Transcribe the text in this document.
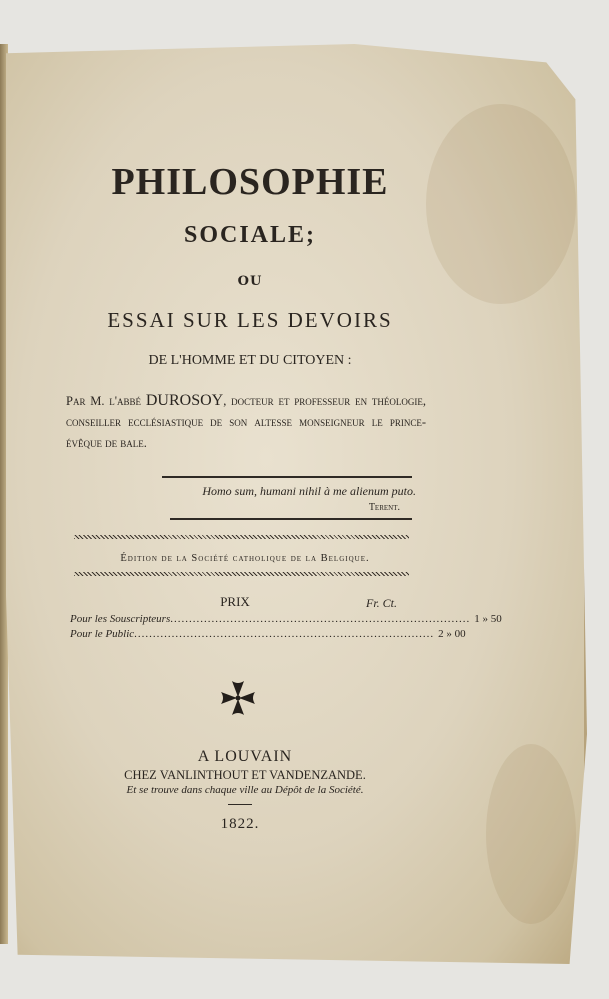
PHILOSOPHIE
SOCIALE;
OU
ESSAI SUR LES DEVOIRS
DE L'HOMME ET DU CITOYEN :
Par M. l'abbé DUROSOY, docteur et professeur en théologie, conseiller ecclésiastique de son altesse monseigneur le prince-évêque de bale.
Homo sum, humani nihil à me alienum puto.
Terent.
Édition de la Société catholique de la Belgique.
PRIX	Fr. Ct.
Pour les Souscripteurs ................................................................................ 1 » 50
Pour le Public ................................................................................ 2 » 00
A LOUVAIN
CHEZ VANLINTHOUT ET VANDENZANDE.
Et se trouve dans chaque ville au Dépôt de la Société.
1822.
